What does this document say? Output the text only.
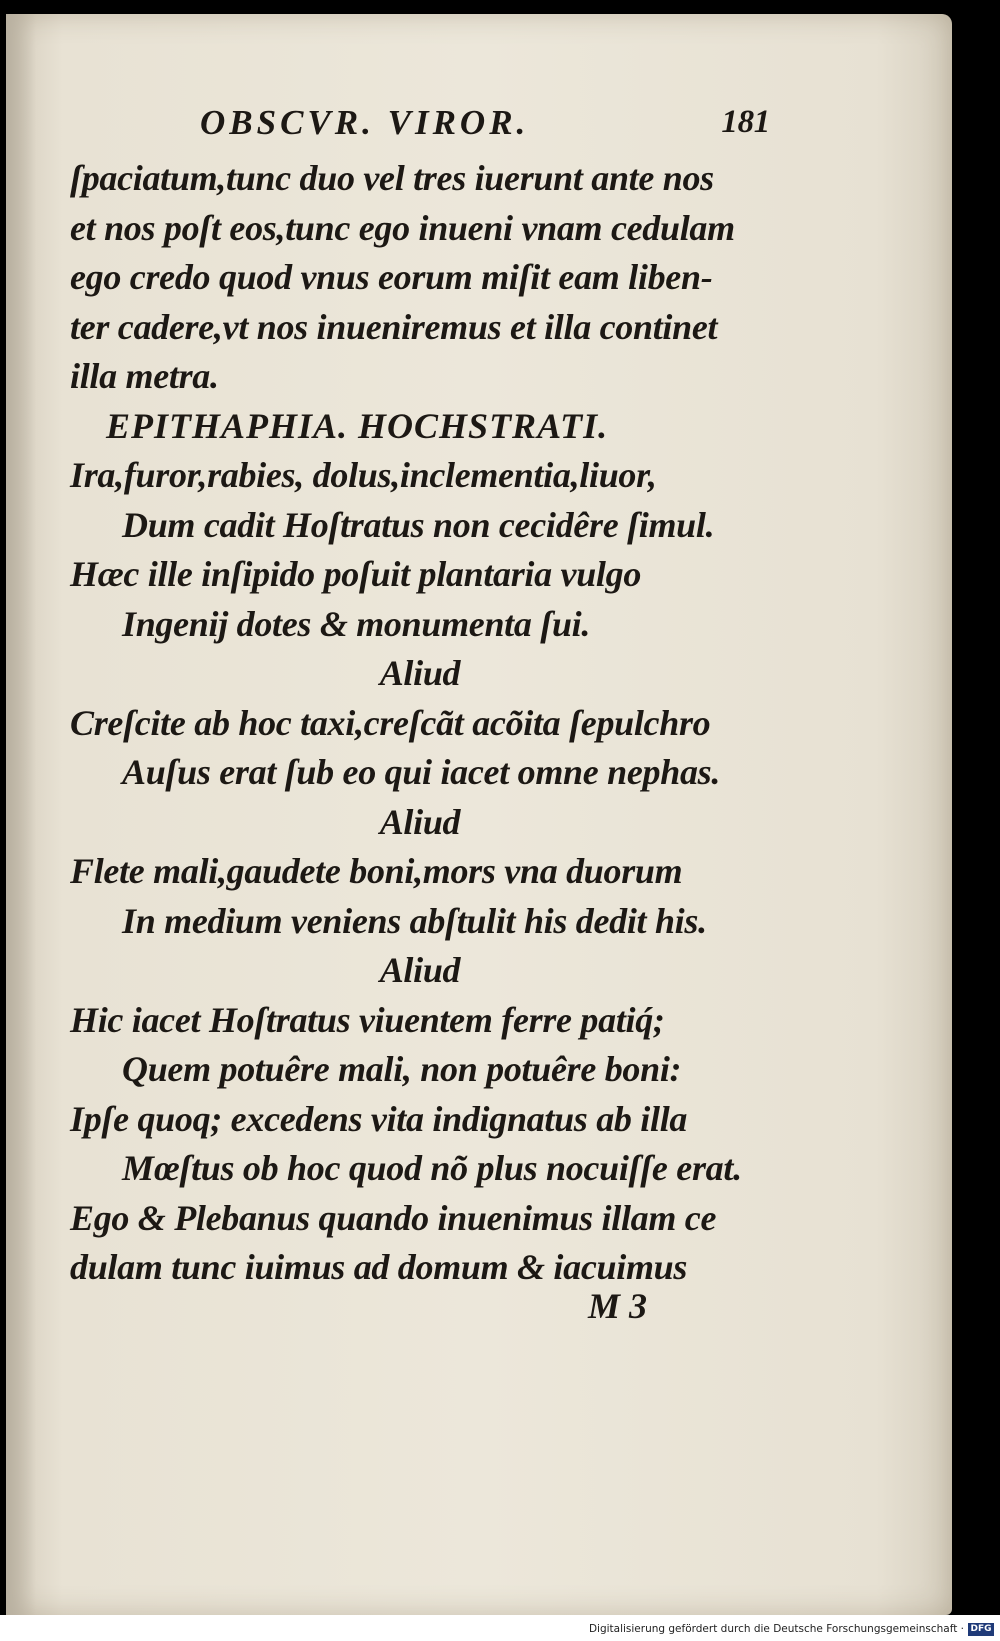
OBSCVR. VIROR.	181
ſpaciatum,tunc duo vel tres iuerunt ante nos
et nos poſt eos,tunc ego inueni vnam cedulam
ego credo quod vnus eorum miſit eam liben-
ter cadere,vt nos inueniremus et illa continet
illa metra.
EPITHAPHIA. HOCHSTRATI.
Ira,furor,rabies, dolus,inclementia,liuor,
Dum cadit Hoſtratus non cecidêre ſimul.
Hæc ille inſipido poſuit plantaria vulgo
Ingenij dotes & monumenta ſui.
Aliud
Creſcite ab hoc taxi,creſcãt acõita ſepulchro
Auſus erat ſub eo qui iacet omne nephas.
Aliud
Flete mali,gaudete boni,mors vna duorum
In medium veniens abſtulit his dedit his.
Aliud
Hic iacet Hoſtratus viuentem ferre patiq́;
Quem potuêre mali, non potuêre boni:
Ipſe quoq; excedens vita indignatus ab illa
Mœſtus ob hoc quod nõ plus nocuiſſe erat.
Ego & Plebanus quando inuenimus illam ce
dulam tunc iuimus ad domum & iacuimus
M 3
Digitalisierung gefördert durch die Deutsche Forschungsgemeinschaft · DFG
